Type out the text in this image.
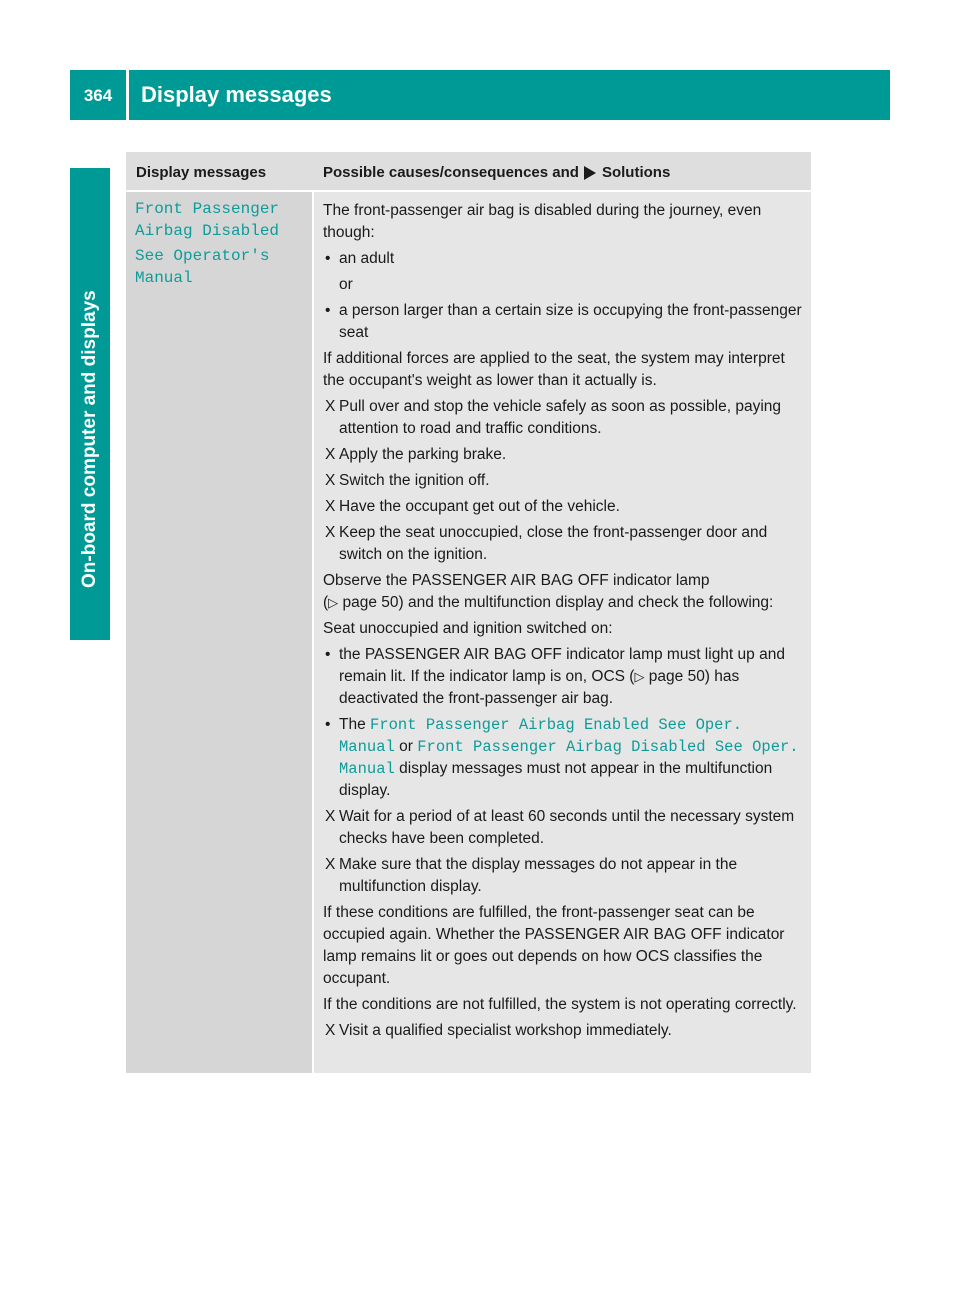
364	Display messages
On-board computer and displays
Display messages	Possible causes/consequences and Solutions
Front Passenger
Airbag Disabled
See Operator's
Manual

The front-passenger air bag is disabled during the journey, even though:

• an adult
or
• a person larger than a certain size is occupying the front-passenger seat

If additional forces are applied to the seat, the system may interpret the occupant's weight as lower than it actually is.

X Pull over and stop the vehicle safely as soon as possible, paying attention to road and traffic conditions.
X Apply the parking brake.
X Switch the ignition off.
X Have the occupant get out of the vehicle.
X Keep the seat unoccupied, close the front-passenger door and switch on the ignition.

Observe the PASSENGER AIR BAG OFF indicator lamp
(▷ page 50) and the multifunction display and check the following:

Seat unoccupied and ignition switched on:

• the PASSENGER AIR BAG OFF indicator lamp must light up and remain lit. If the indicator lamp is on, OCS (▷ page 50) has deactivated the front-passenger air bag.
• The Front Passenger Airbag Enabled See Oper. Manual or Front Passenger Airbag Disabled See Oper. Manual display messages must not appear in the multifunction display.
X Wait for a period of at least 60 seconds until the necessary system checks have been completed.
X Make sure that the display messages do not appear in the multifunction display.

If these conditions are fulfilled, the front-passenger seat can be occupied again. Whether the PASSENGER AIR BAG OFF indicator lamp remains lit or goes out depends on how OCS classifies the occupant.

If the conditions are not fulfilled, the system is not operating correctly.

X Visit a qualified specialist workshop immediately.
